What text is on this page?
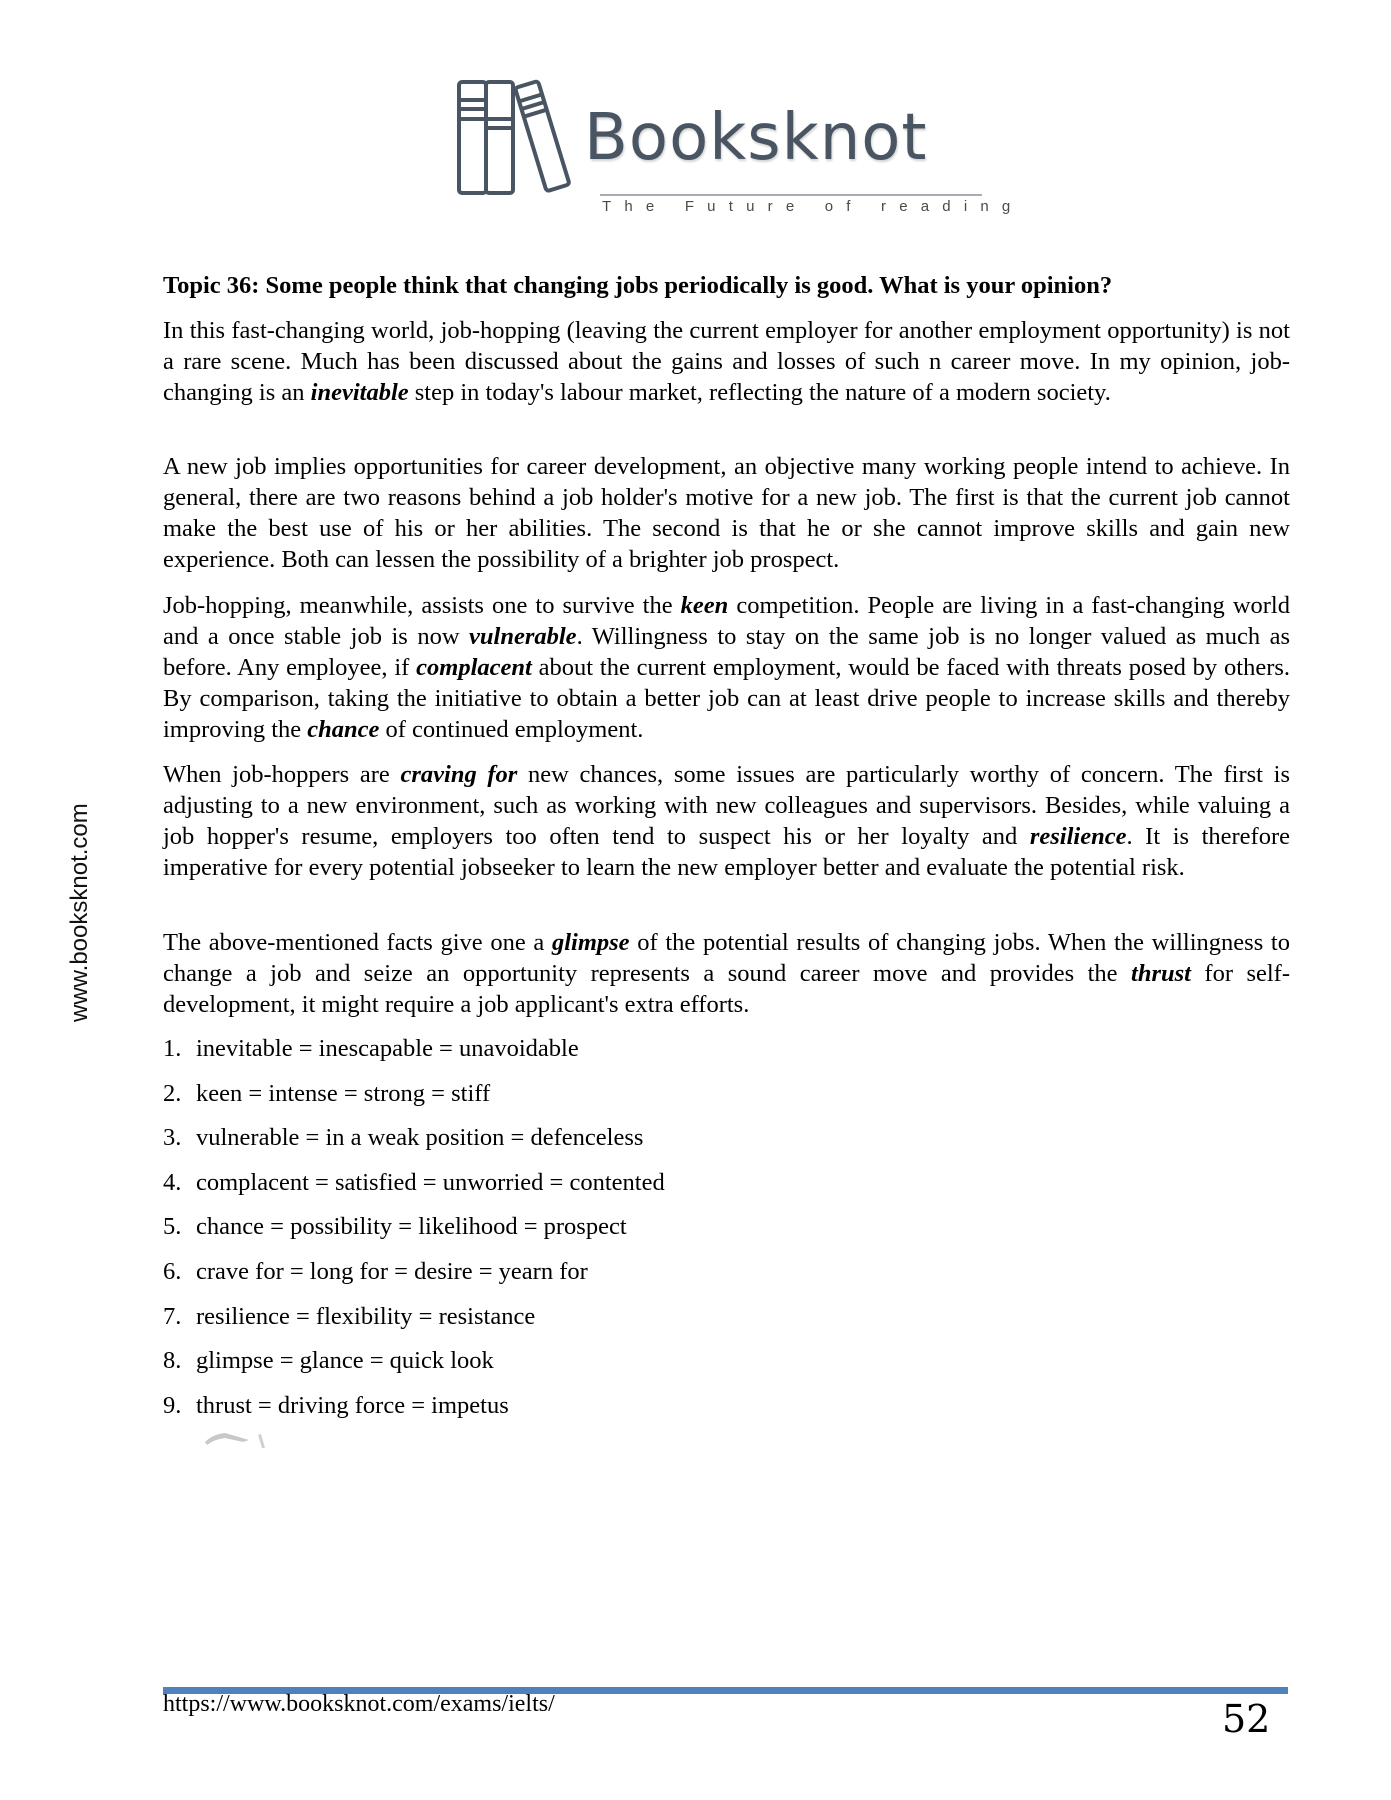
Booksknot
The Future of reading
www.booksknot.com
Topic 36: Some people think that changing jobs periodically is good. What is your opinion?
In this fast-changing world, job-hopping (leaving the current employer for another employment opportunity) is not a rare scene. Much has been discussed about the gains and losses of such n career move. In my opinion, job-changing is an inevitable step in today's labour market, reflecting the nature of a modern society.
A new job implies opportunities for career development, an objective many working people intend to achieve. In general, there are two reasons behind a job holder's motive for a new job. The first is that the current job cannot make the best use of his or her abilities. The second is that he or she cannot improve skills and gain new experience. Both can lessen the possibility of a brighter job prospect.
Job-hopping, meanwhile, assists one to survive the keen competition. People are living in a fast-changing world and a once stable job is now vulnerable. Willingness to stay on the same job is no longer valued as much as before. Any employee, if complacent about the current employment, would be faced with threats posed by others. By comparison, taking the initiative to obtain a better job can at least drive people to increase skills and thereby improving the chance of continued employment.
When job-hoppers are craving for new chances, some issues are particularly worthy of concern. The first is adjusting to a new environment, such as working with new colleagues and supervisors. Besides, while valuing a job hopper's resume, employers too often tend to suspect his or her loyalty and resilience. It is therefore imperative for every potential jobseeker to learn the new employer better and evaluate the potential risk.
The above-mentioned facts give one a glimpse of the potential results of changing jobs. When the willingness to change a job and seize an opportunity represents a sound career move and provides the thrust for self-development, it might require a job applicant's extra efforts.
1. inevitable = inescapable = unavoidable
2. keen = intense = strong = stiff
3. vulnerable = in a weak position = defenceless
4. complacent = satisfied = unworried = contented
5. chance = possibility = likelihood = prospect
6. crave for = long for = desire = yearn for
7. resilience = flexibility = resistance
8. glimpse = glance = quick look
9. thrust = driving force = impetus
https://www.booksknot.com/exams/ielts/	52
